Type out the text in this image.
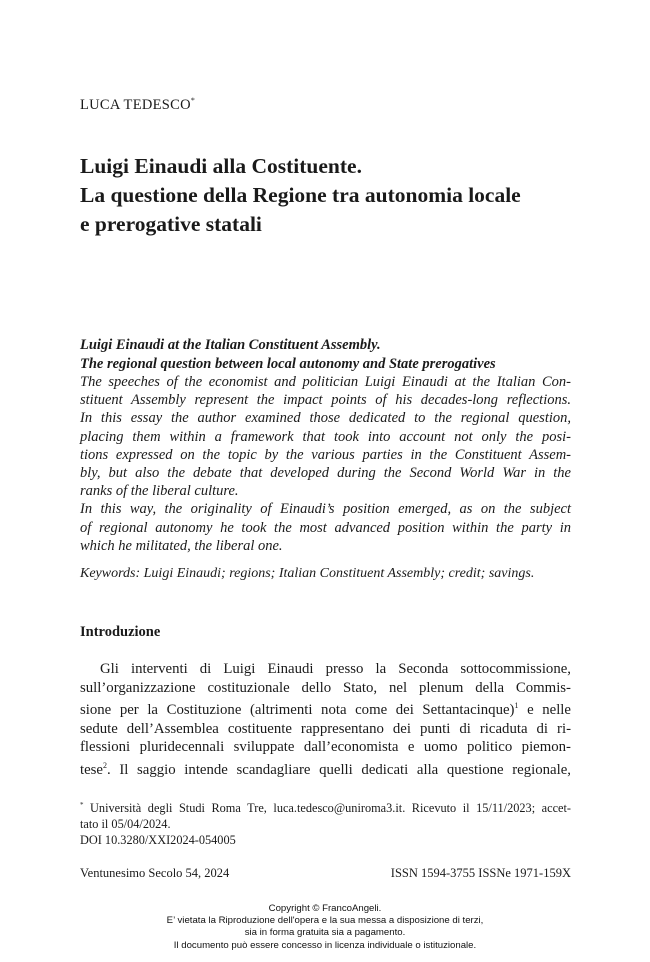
LUCA TEDESCO*
Luigi Einaudi alla Costituente.
La questione della Regione tra autonomia locale
e prerogative statali
Luigi Einaudi at the Italian Constituent Assembly.
The regional question between local autonomy and State prerogatives
The speeches of the economist and politician Luigi Einaudi at the Italian Con-
stituent Assembly represent the impact points of his decades-long reflections.
In this essay the author examined those dedicated to the regional question,
placing them within a framework that took into account not only the posi-
tions expressed on the topic by the various parties in the Constituent Assem-
bly, but also the debate that developed during the Second World War in the
ranks of the liberal culture.
In this way, the originality of Einaudi’s position emerged, as on the subject
of regional autonomy he took the most advanced position within the party in
which he militated, the liberal one.
Keywords: Luigi Einaudi; regions; Italian Constituent Assembly; credit; savings.
Introduzione
Gli interventi di Luigi Einaudi presso la Seconda sottocommissione,
sull’organizzazione costituzionale dello Stato, nel plenum della Commis-
sione per la Costituzione (altrimenti nota come dei Settantacinque)$^1$ e nelle
sedute dell’Assemblea costituente rappresentano dei punti di ricaduta di ri-
flessioni pluridecennali sviluppate dall’economista e uomo politico piemon-
tese$^2$. Il saggio intende scandagliare quelli dedicati alla questione regionale,
* Università degli Studi Roma Tre, luca.tedesco@uniroma3.it. Ricevuto il 15/11/2023; accet-
tato il 05/04/2024.
DOI 10.3280/XXI2024-054005
Ventunesimo Secolo 54, 2024	ISSN 1594-3755 ISSNe 1971-159X
Copyright © FrancoAngeli.
E’ vietata la Riproduzione dell'opera e la sua messa a disposizione di terzi,
sia in forma gratuita sia a pagamento.
Il documento può essere concesso in licenza individuale o istituzionale.
